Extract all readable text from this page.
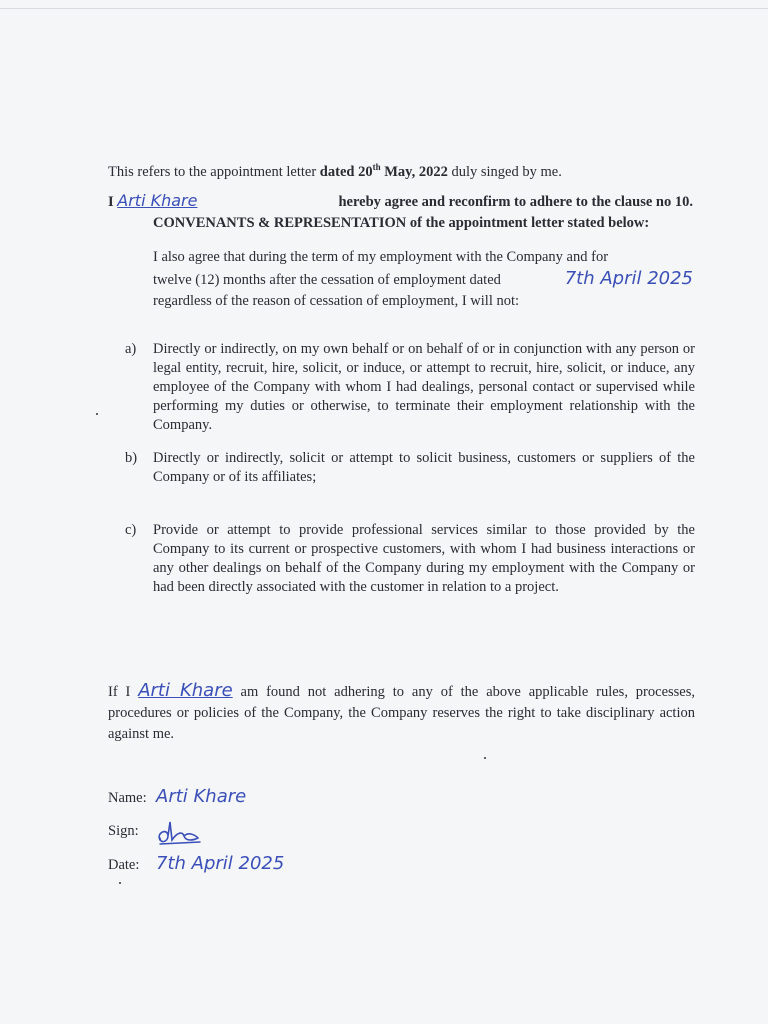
This refers to the appointment letter dated 20th May, 2022 duly singed by me.

I Arti Khare	hereby agree and reconfirm to adhere to the clause no 10.
CONVENANTS & REPRESENTATION of the appointment letter stated below:
I also agree that during the term of my employment with the Company and for
twelve (12) months after the cessation of employment dated	7th April 2025
regardless of the reason of cessation of employment, I will not:
a)	Directly or indirectly, on my own behalf or on behalf of or in conjunction with any person or legal entity, recruit, hire, solicit, or induce, or attempt to recruit, hire, solicit, or induce, any employee of the Company with whom I had dealings, personal contact or supervised while performing my duties or otherwise, to terminate their employment relationship with the Company.
b)	Directly or indirectly, solicit or attempt to solicit business, customers or suppliers of the Company or of its affiliates;
c)	Provide or attempt to provide professional services similar to those provided by the Company to its current or prospective customers, with whom I had business interactions or any other dealings on behalf of the Company during my employment with the Company or had been directly associated with the customer in relation to a project.

If I Arti Khare am found not adhering to any of the above applicable rules, processes, procedures or policies of the Company, the Company reserves the right to take disciplinary action against me.

Name: Arti Khare
Sign:
Date: 7th April 2025
